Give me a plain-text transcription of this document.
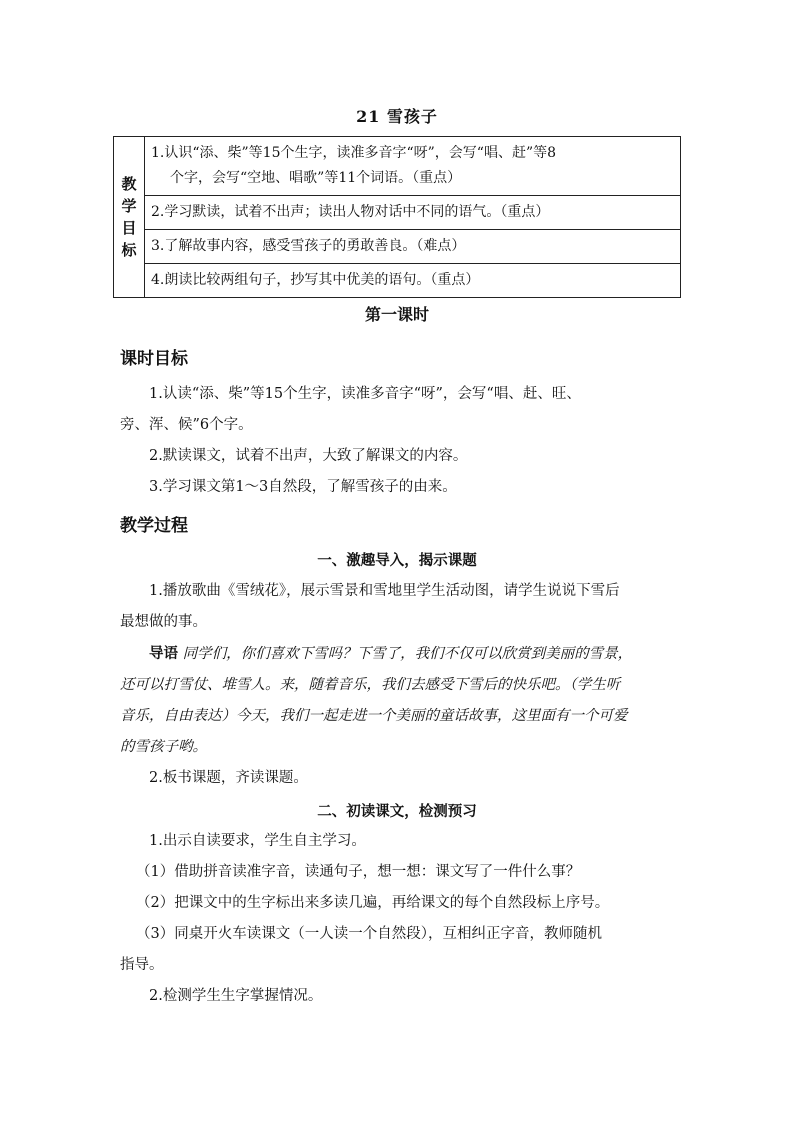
21 雪孩子
教
学
目
标

1.认识“添、柴”等15个生字，读准多音字“呀”，会写“唱、赶”等8
个字，会写“空地、唱歌”等11个词语。（重点）
2.学习默读，试着不出声；读出人物对话中不同的语气。（重点）
3.了解故事内容，感受雪孩子的勇敢善良。（难点）
4.朗读比较两组句子，抄写其中优美的语句。（重点）
第一课时
课时目标
1.认读“添、柴”等15个生字，读准多音字“呀”，会写“唱、赶、旺、
旁、浑、候”6个字。
2.默读课文，试着不出声，大致了解课文的内容。
3.学习课文第1～3自然段，了解雪孩子的由来。
教学过程
一、激趣导入，揭示课题
1.播放歌曲《雪绒花》，展示雪景和雪地里学生活动图，请学生说说下雪后
最想做的事。
导语 同学们，你们喜欢下雪吗？下雪了，我们不仅可以欣赏到美丽的雪景，
还可以打雪仗、堆雪人。来，随着音乐，我们去感受下雪后的快乐吧。（学生听
音乐，自由表达）今天，我们一起走进一个美丽的童话故事，这里面有一个可爱
的雪孩子哟。
2.板书课题，齐读课题。
二、初读课文，检测预习
1.出示自读要求，学生自主学习。
（1）借助拼音读准字音，读通句子，想一想：课文写了一件什么事？
（2）把课文中的生字标出来多读几遍，再给课文的每个自然段标上序号。
（3）同桌开火车读课文（一人读一个自然段），互相纠正字音，教师随机
指导。
2.检测学生生字掌握情况。
